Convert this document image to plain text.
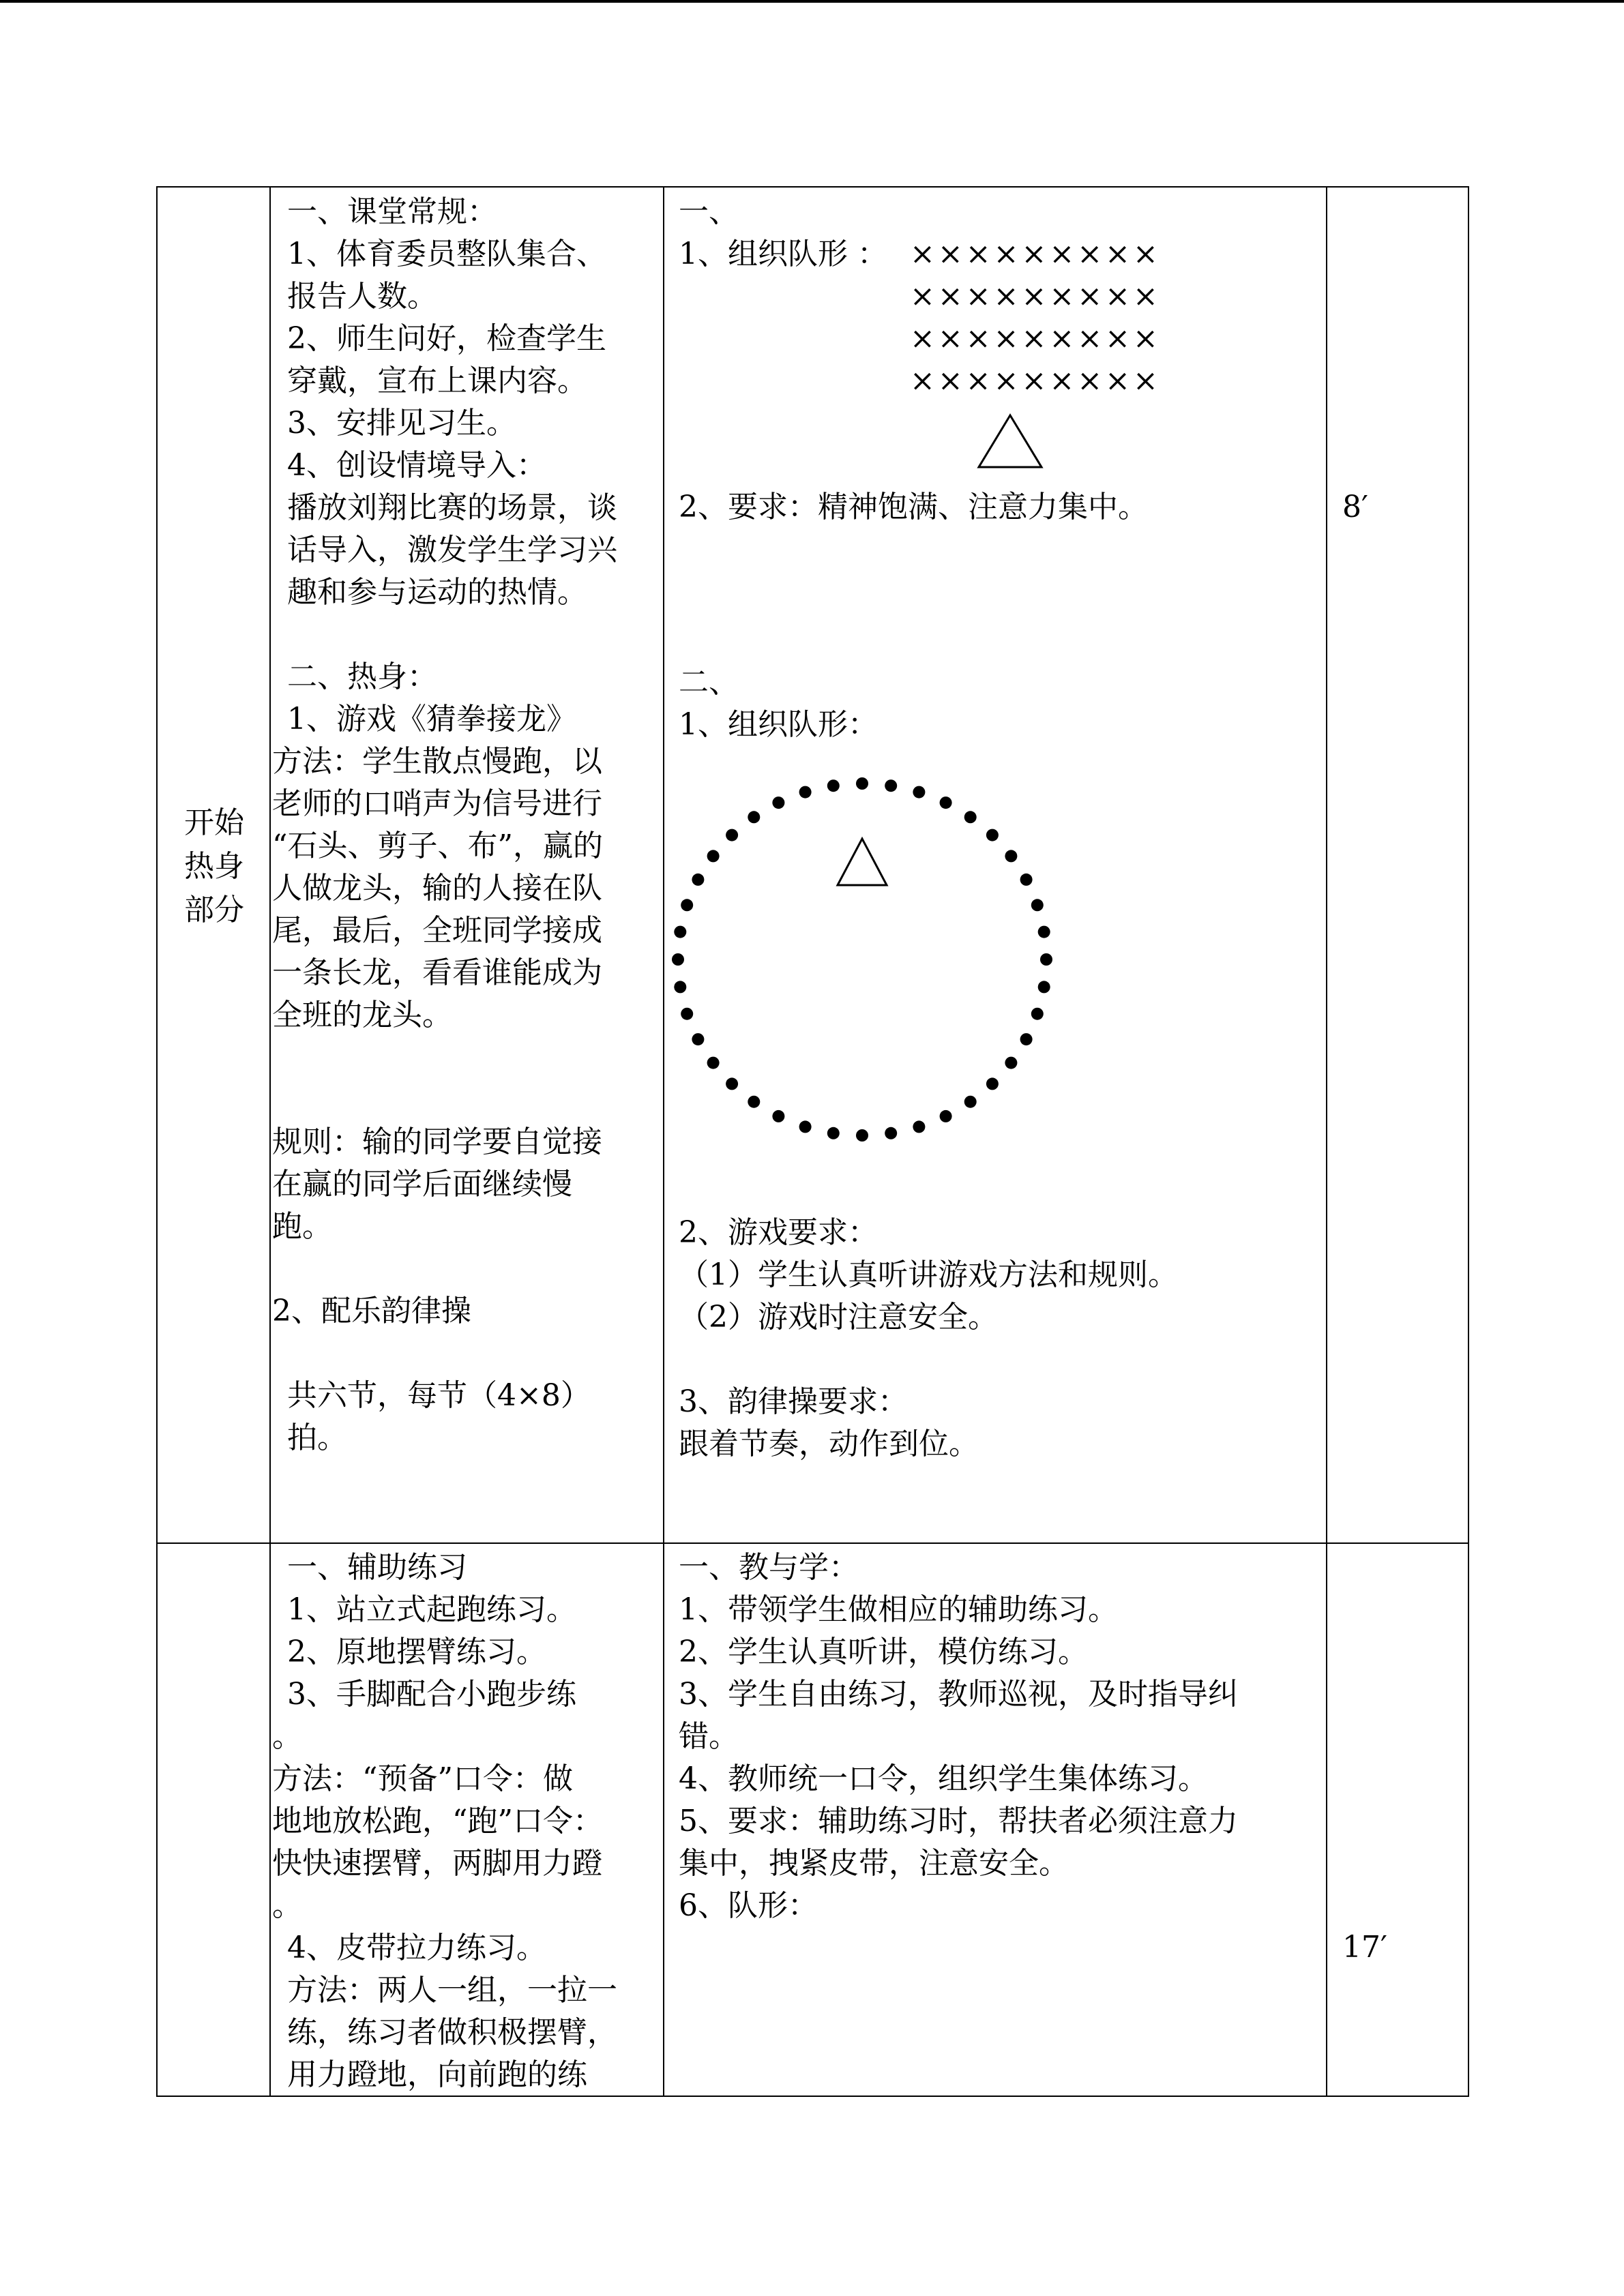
开始
热身
部分

一、课堂常规：

1、体育委员整队集合、

报告人数。

2、师生问好，检查学生

穿戴，宣布上课内容。

3、安排见习生。

4、创设情境导入：

播放刘翔比赛的场景，谈

话导入，激发学生学习兴

趣和参与运动的热情。

二、热身：

1、游戏《猜拳接龙》

方法：学生散点慢跑，以

老师的口哨声为信号进行

“石头、剪子、布”，赢的

人做龙头，输的人接在队

尾，最后，全班同学接成

一条长龙，看看谁能成为

全班的龙头。

规则：输的同学要自觉接

在赢的同学后面继续慢

跑。

2、配乐韵律操

共六节，每节（4×8）

拍。

一、

1、组织队形 ： ×××××××××

×××××××××

×××××××××

×××××××××

2、要求：精神饱满、注意力集中。

二、

1、组织队形：

2、游戏要求：

（1）学生认真听讲游戏方法和规则。

（2）游戏时注意安全。

3、韵律操要求：

跟着节奏，动作到位。

8′

一、辅助练习

1、站立式起跑练习。

2、原地摆臂练习。

3、手脚配合小跑步练

。

方法：“预备”口令：做

地地放松跑，“跑”口令：

快快速摆臂，两脚用力蹬

。

4、皮带拉力练习。

方法：两人一组，一拉一

练，练习者做积极摆臂，

用力蹬地，向前跑的练

一、教与学：

1、带领学生做相应的辅助练习。

2、学生认真听讲，模仿练习。

3、学生自由练习，教师巡视，及时指导纠

错。

4、教师统一口令，组织学生集体练习。

5、要求：辅助练习时，帮扶者必须注意力

集中，拽紧皮带，注意安全。

6、队形：

17′
